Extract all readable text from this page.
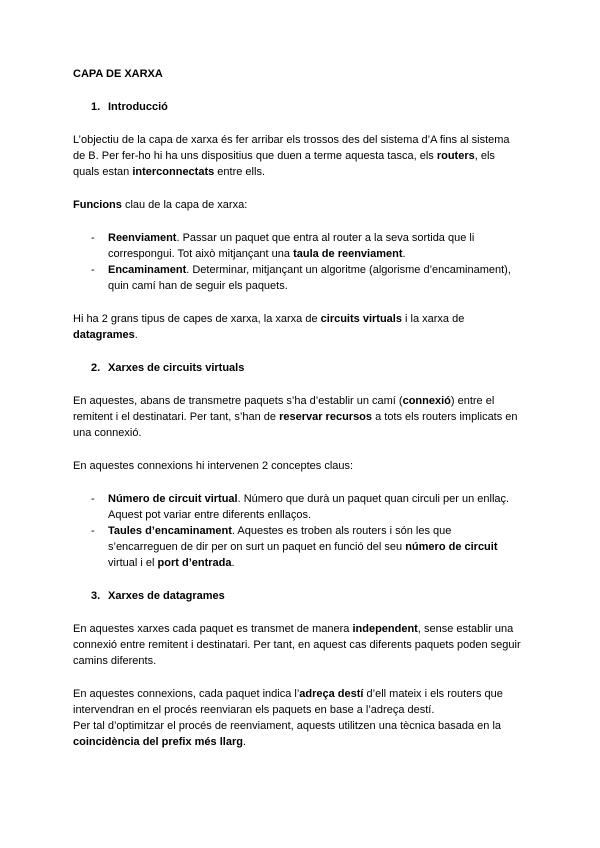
CAPA DE XARXA
1. Introducció
L’objectiu de la capa de xarxa és fer arribar els trossos des del sistema d’A fins al sistema de B. Per fer-ho hi ha uns dispositius que duen a terme aquesta tasca, els routers, els quals estan interconnectats entre ells.
Funcions clau de la capa de xarxa:
-	Reenviament. Passar un paquet que entra al router a la seva sortida que li correspongui. Tot això mitjançant una taula de reenviament.
-	Encaminament. Determinar, mitjançant un algoritme (algorisme d’encaminament), quin camí han de seguir els paquets.
Hi ha 2 grans tipus de capes de xarxa, la xarxa de circuits virtuals i la xarxa de datagrames.
2. Xarxes de circuits virtuals
En aquestes, abans de transmetre paquets s’ha d’establir un camí (connexió) entre el remitent i el destinatari. Per tant, s’han de reservar recursos a tots els routers implicats en una connexió.
En aquestes connexions hi intervenen 2 conceptes claus:
-	Número de circuit virtual. Número que durà un paquet quan circuli per un enllaç. Aquest pot variar entre diferents enllaços.
-	Taules d’encaminament. Aquestes es troben als routers i són les que s’encarreguen de dir per on surt un paquet en funció del seu número de circuit virtual i el port d’entrada.
3. Xarxes de datagrames
En aquestes xarxes cada paquet es transmet de manera independent, sense establir una connexió entre remitent i destinatari. Per tant, en aquest cas diferents paquets poden seguir camins diferents.
En aquestes connexions, cada paquet indica l’adreça destí d’ell mateix i els routers que intervendran en el procés reenviaran els paquets en base a l’adreça destí.
Per tal d’optimitzar el procés de reenviament, aquests utilitzen una tècnica basada en la coincidència del prefix més llarg.
